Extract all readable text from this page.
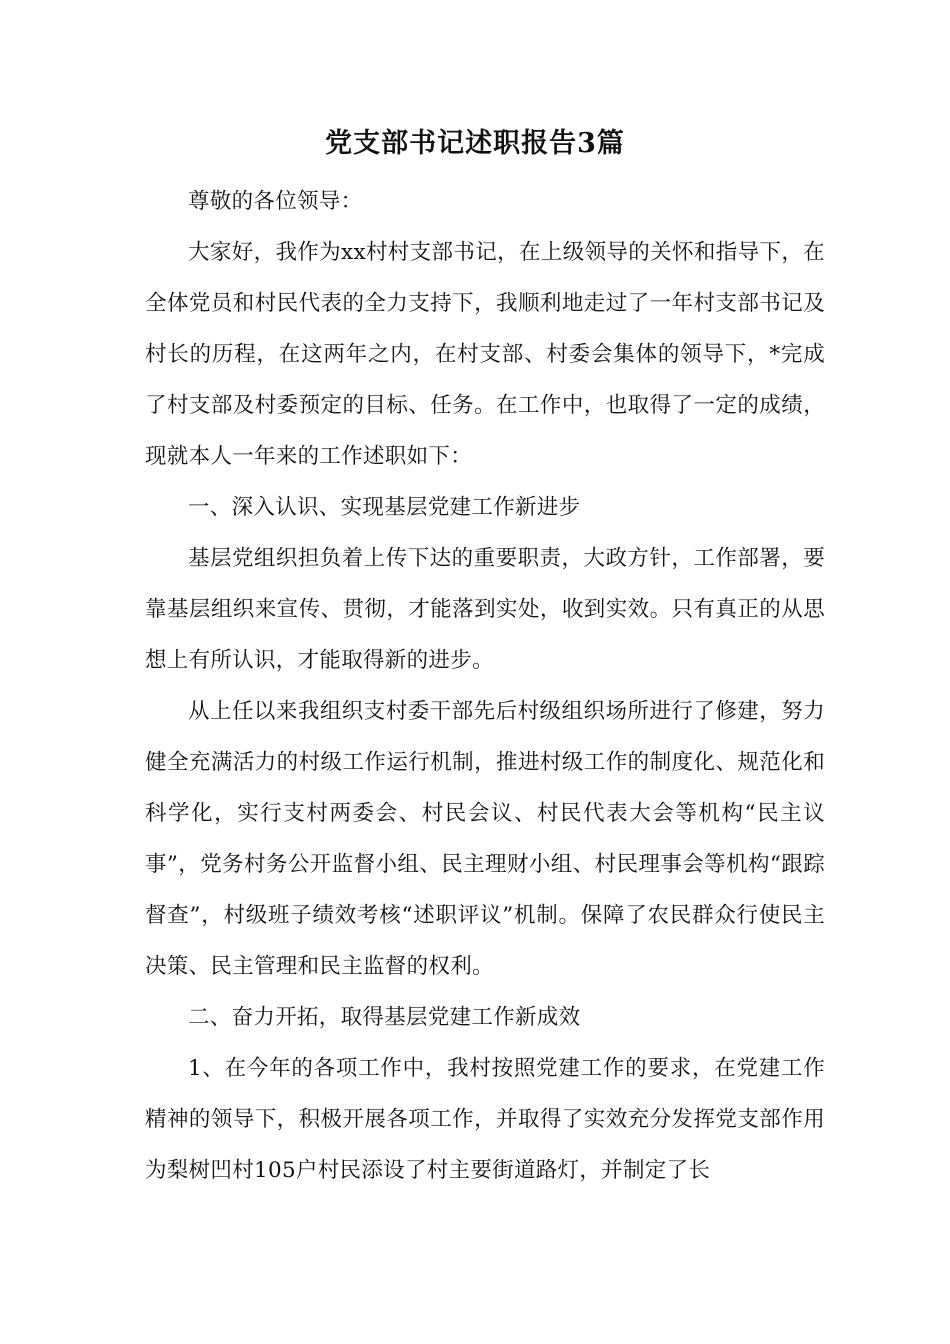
党支部书记述职报告3篇

尊敬的各位领导：

大家好，我作为xx村村支部书记，在上级领导的关怀和指导下，在全体党员和村民代表的全力支持下，我顺利地走过了一年村支部书记及村长的历程，在这两年之内，在村支部、村委会集体的领导下，*完成了村支部及村委预定的目标、任务。在工作中，也取得了一定的成绩，现就本人一年来的工作述职如下：

一、深入认识、实现基层党建工作新进步

基层党组织担负着上传下达的重要职责，大政方针，工作部署，要靠基层组织来宣传、贯彻，才能落到实处，收到实效。只有真正的从思想上有所认识，才能取得新的进步。

从上任以来我组织支村委干部先后村级组织场所进行了修建，努力健全充满活力的村级工作运行机制，推进村级工作的制度化、规范化和科学化，实行支村两委会、村民会议、村民代表大会等机构“民主议事”，党务村务公开监督小组、民主理财小组、村民理事会等机构“跟踪督查”，村级班子绩效考核“述职评议”机制。保障了农民群众行使民主决策、民主管理和民主监督的权利。

二、奋力开拓，取得基层党建工作新成效

1、在今年的各项工作中，我村按照党建工作的要求，在党建工作精神的领导下，积极开展各项工作，并取得了实效充分发挥党支部作用为梨树凹村105户村民添设了村主要街道路灯，并制定了长
